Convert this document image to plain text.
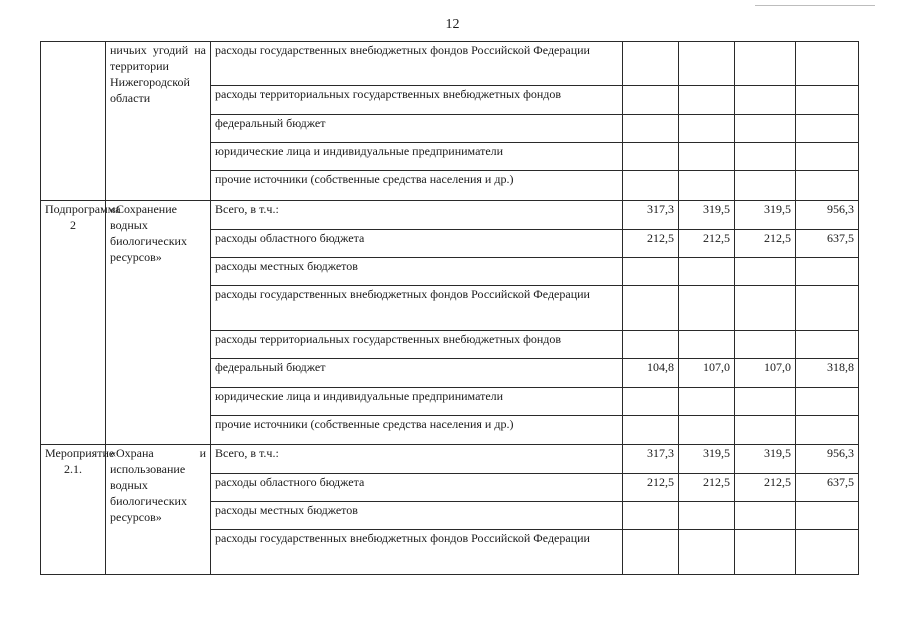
12
	ничьих угодий на территории Нижегородской области	расходы государственных внебюджетных фондов Российской Федерации				
		расходы территориальных государственных внебюджетных фондов				
		федеральный бюджет				
		юридические лица и индивидуальные предприниматели				
		прочие источники (собственные средства населения и др.)				
Подпрограмма 2	«Сохранение водных биологических ресурсов»	Всего, в т.ч.:	317,3	319,5	319,5	956,3
		расходы областного бюджета	212,5	212,5	212,5	637,5
		расходы местных бюджетов				
		расходы государственных внебюджетных фондов Российской Федерации				
		расходы территориальных государственных внебюджетных фондов				
		федеральный бюджет	104,8	107,0	107,0	318,8
		юридические лица и индивидуальные предприниматели				
		прочие источники (собственные средства населения и др.)				
Мероприятие 2.1.	«Охрана и использование водных биологических ресурсов»	Всего, в т.ч.:	317,3	319,5	319,5	956,3
		расходы областного бюджета	212,5	212,5	212,5	637,5
		расходы местных бюджетов				
		расходы государственных внебюджетных фондов Российской Федерации				
